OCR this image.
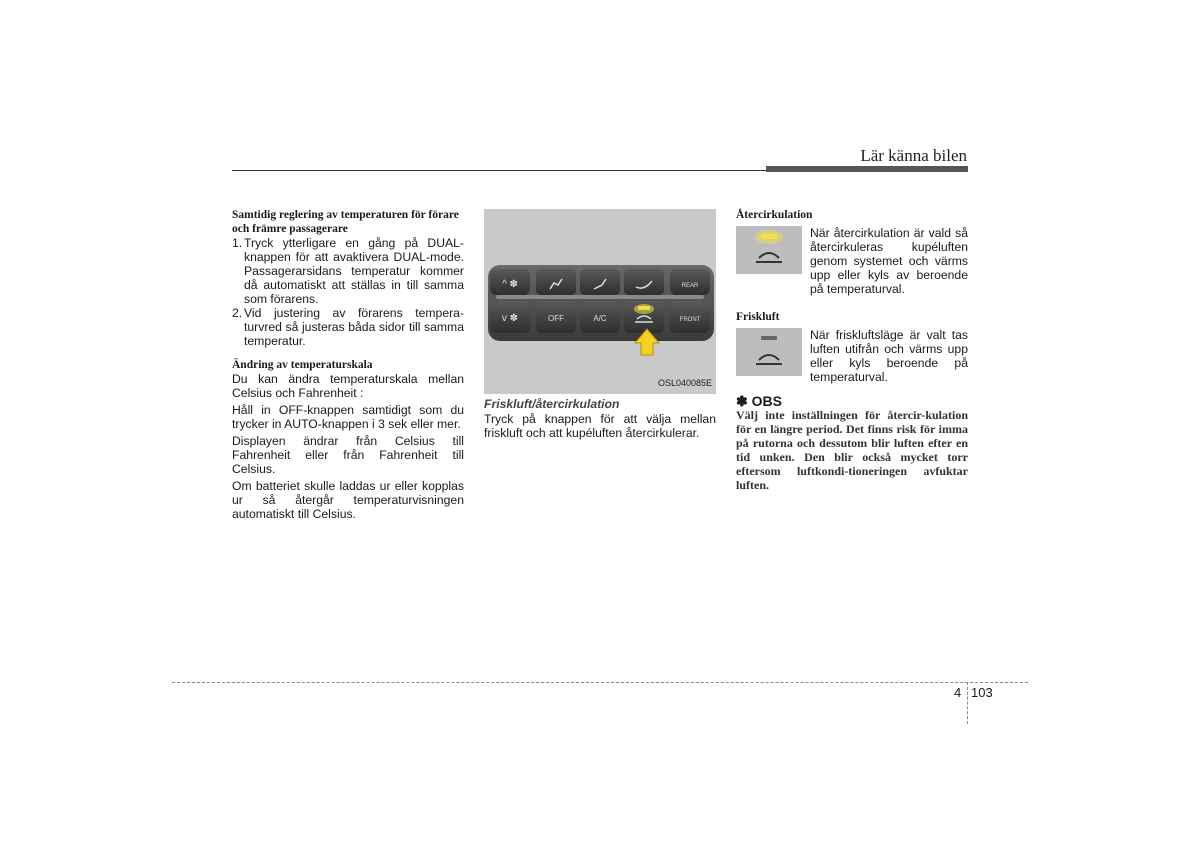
Lär känna bilen
Samtidig reglering av temperaturen för förare och främre passagerare
1. Tryck ytterligare en gång på DUAL-knappen för att avaktivera DUAL-mode. Passagerarsidans temperatur kommer då automatiskt att ställas in till samma som förarens.
2. Vid justering av förarens tempera-turvred så justeras båda sidor till samma temperatur.
Ändring av temperaturskala

Du kan ändra temperaturskala mellan Celsius och Fahrenheit :

Håll in OFF-knappen samtidigt som du trycker in AUTO-knappen i 3 sek eller mer.

Displayen ändrar från Celsius till Fahrenheit eller från Fahrenheit till Celsius.

Om batteriet skulle laddas ur eller kopplas ur så återgår temperaturvisningen automatiskt till Celsius.

^ ✽	REAR
v ✽	OFF	A/C	FRONT
OSL040085E
Friskluft/återcirkulation
Tryck på knappen för att välja mellan friskluft och att kupéluften återcirkulerar.
Återcirkulation
När återcirkulation är vald så återcirkuleras kupéluften genom systemet och värms upp eller kyls av beroende på temperaturval.
Friskluft
När friskluftsläge är valt tas luften utifrån och värms upp eller kyls beroende på temperaturval.
✽ OBS
Välj inte inställningen för återcir-kulation för en längre period. Det finns risk för imma på rutorna och dessutom blir luften efter en tid unken. Den blir också mycket torr eftersom luftkondi-tioneringen avfuktar luften.
4 103
